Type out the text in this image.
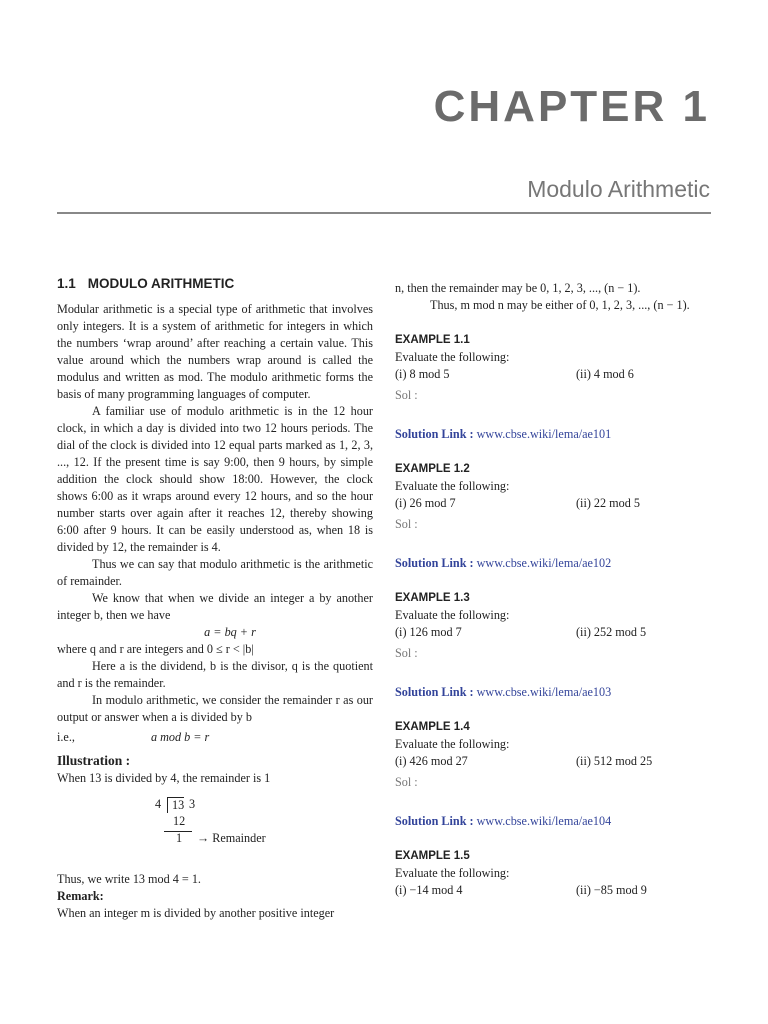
CHAPTER 1
Modulo Arithmetic
1.1 MODULO ARITHMETIC

Modular arithmetic is a special type of arithmetic that involves only integers. It is a system of arithmetic for integers in which the numbers ‘wrap around’ after reaching a certain value. This value around which the numbers wrap around is called the modulus and written as mod. The modulo arithmetic forms the basis of many programming languages of computer.

A familiar use of modulo arithmetic is in the 12 hour clock, in which a day is divided into two 12 hours periods. The dial of the clock is divided into 12 equal parts marked as 1, 2, 3, ..., 12. If the present time is say 9:00, then 9 hours, by simple addition the clock should show 18:00. However, the clock shows 6:00 as it wraps around every 12 hours, and so the hour number starts over again after it reaches 12, thereby showing 6:00 after 9 hours. It can be easily understood as, when 18 is divided by 12, the remainder is 4.

Thus we can say that modulo arithmetic is the arithmetic of remainder.

We know that when we divide an integer a by another integer b, then we have

a = bq + r

where q and r are integers and 0 ≤ r < |b|

Here a is the dividend, b is the divisor, q is the quotient and r is the remainder.

In modulo arithmetic, we consider the remainder r as our output or answer when a is divided by b

i.e.,	a mod b = r

Illustration :

When 13 is divided by 4, the remainder is 1

4 13 3
12
1 → Remainder

Thus, we write 13 mod 4 = 1.

Remark:

When an integer m is divided by another positive integer

n, then the remainder may be 0, 1, 2, 3, ..., (n − 1).

Thus, m mod n may be either of 0, 1, 2, 3, ..., (n − 1).

EXAMPLE 1.1

Evaluate the following:

(i) 8 mod 5	(ii) 4 mod 6

Sol :

Solution Link : www.cbse.wiki/lema/ae101

EXAMPLE 1.2

Evaluate the following:

(i) 26 mod 7	(ii) 22 mod 5

Sol :

Solution Link : www.cbse.wiki/lema/ae102

EXAMPLE 1.3

Evaluate the following:

(i) 126 mod 7	(ii) 252 mod 5

Sol :

Solution Link : www.cbse.wiki/lema/ae103

EXAMPLE 1.4

Evaluate the following:

(i) 426 mod 27	(ii) 512 mod 25

Sol :

Solution Link : www.cbse.wiki/lema/ae104

EXAMPLE 1.5

Evaluate the following:

(i) −14 mod 4	(ii) −85 mod 9
